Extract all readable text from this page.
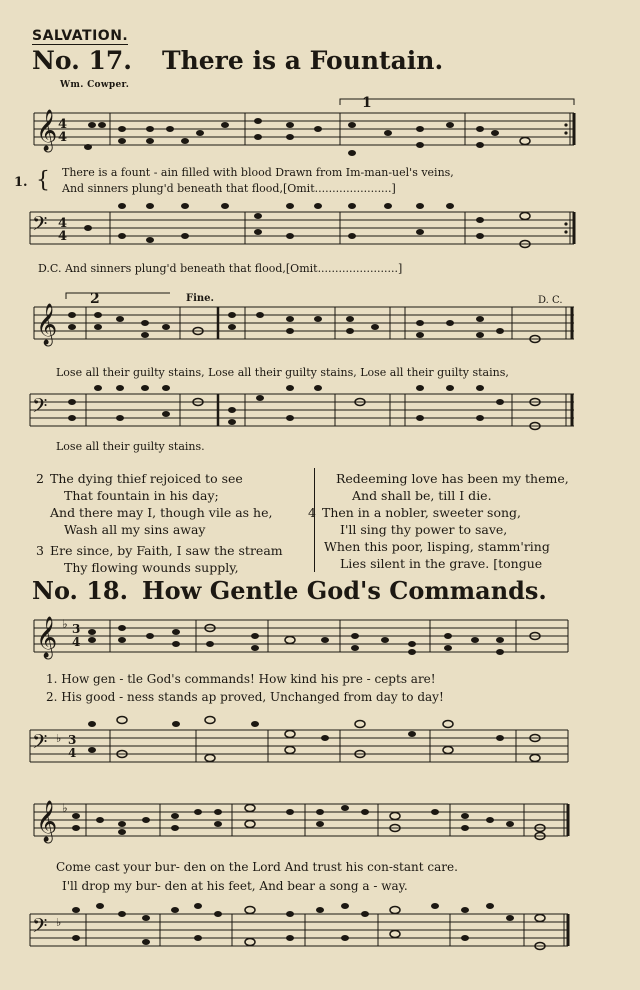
SALVATION.
No. 17. There is a Fountain.
Wm. Cowper.
𝄞 4
4
1
1. { There is a fount - ain filled with blood Drawn from Im-man-uel's veins,
And sinners plung'd beneath that flood,[Omit......................]
𝄢 4
4
D.C. And sinners plung'd beneath that flood,[Omit.......................]
𝄞
2	Fine.	D. C.
Lose all their guilty stains, Lose all their guilty stains, Lose all their guilty stains,
𝄢
Lose all their guilty stains.
2 The dying thief rejoiced to see
That fountain in his day;
And there may I, though vile as he,
Wash all my sins away
3 Ere since, by Faith, I saw the stream
Thy flowing wounds supply,
Redeeming love has been my theme,
And shall be, till I die.
4 Then in a nobler, sweeter song,
I'll sing thy power to save,
When this poor, lisping, stamm'ring
Lies silent in the grave. [tongue
No. 18. How Gentle God's Commands.
𝄞 ♭ 3
4
1. How gen - tle God's commands! How kind his pre - cepts are!
2. His good - ness stands ap proved, Unchanged from day to day!
𝄢 ♭ 3
4
𝄞 ♭
Come cast your bur- den on the Lord And trust his con-stant care.
I'll drop my bur- den at his feet, And bear a song a - way.
𝄢 ♭
